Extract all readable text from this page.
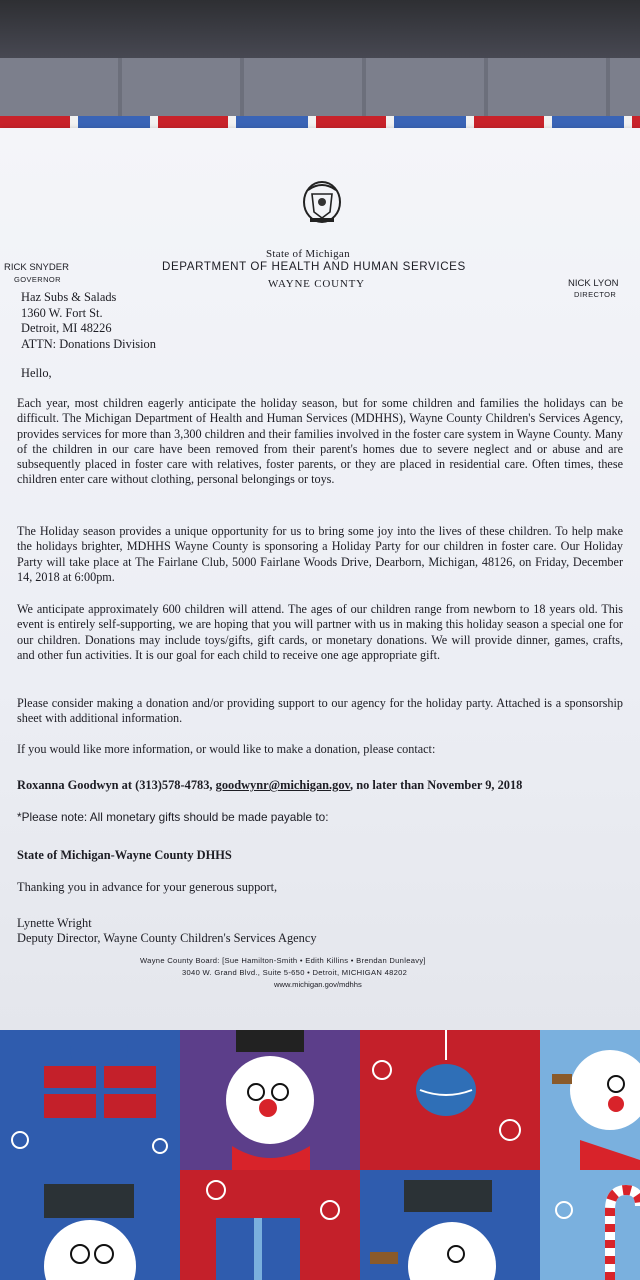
State of Michigan
DEPARTMENT OF HEALTH AND HUMAN SERVICES
WAYNE COUNTY
RICK SNYDER
GOVERNOR	NICK LYON
DIRECTOR
Haz Subs & Salads
1360 W. Fort St.
Detroit, MI 48226
ATTN: Donations Division
Hello,

Each year, most children eagerly anticipate the holiday season, but for some children and families the holidays can be difficult. The Michigan Department of Health and Human Services (MDHHS), Wayne County Children's Services Agency, provides services for more than 3,300 children and their families involved in the foster care system in Wayne County. Many of the children in our care have been removed from their parent's homes due to severe neglect and or abuse and are subsequently placed in foster care with relatives, foster parents, or they are placed in residential care. Often times, these children enter care without clothing, personal belongings or toys.

The Holiday season provides a unique opportunity for us to bring some joy into the lives of these children. To help make the holidays brighter, MDHHS Wayne County is sponsoring a Holiday Party for our children in foster care. Our Holiday Party will take place at The Fairlane Club, 5000 Fairlane Woods Drive, Dearborn, Michigan, 48126, on Friday, December 14, 2018 at 6:00pm.

We anticipate approximately 600 children will attend. The ages of our children range from newborn to 18 years old. This event is entirely self-supporting, we are hoping that you will partner with us in making this holiday season a special one for our children. Donations may include toys/gifts, gift cards, or monetary donations. We will provide dinner, games, crafts, and other fun activities. It is our goal for each child to receive one age appropriate gift.

Please consider making a donation and/or providing support to our agency for the holiday party. Attached is a sponsorship sheet with additional information.

If you would like more information, or would like to make a donation, please contact:

Roxanna Goodwyn at (313)578-4783, goodwynr@michigan.gov, no later than November 9, 2018
*Please note: All monetary gifts should be made payable to:
State of Michigan-Wayne County DHHS
Thanking you in advance for your generous support,
Lynette Wright
Deputy Director, Wayne County Children's Services Agency
Wayne County Board: [Sue Hamilton-Smith • Edith Killins • Brendan Dunleavy]
3040 W. Grand Blvd., Suite 5-650 • Detroit, MICHIGAN 48202
www.michigan.gov/mdhhs
